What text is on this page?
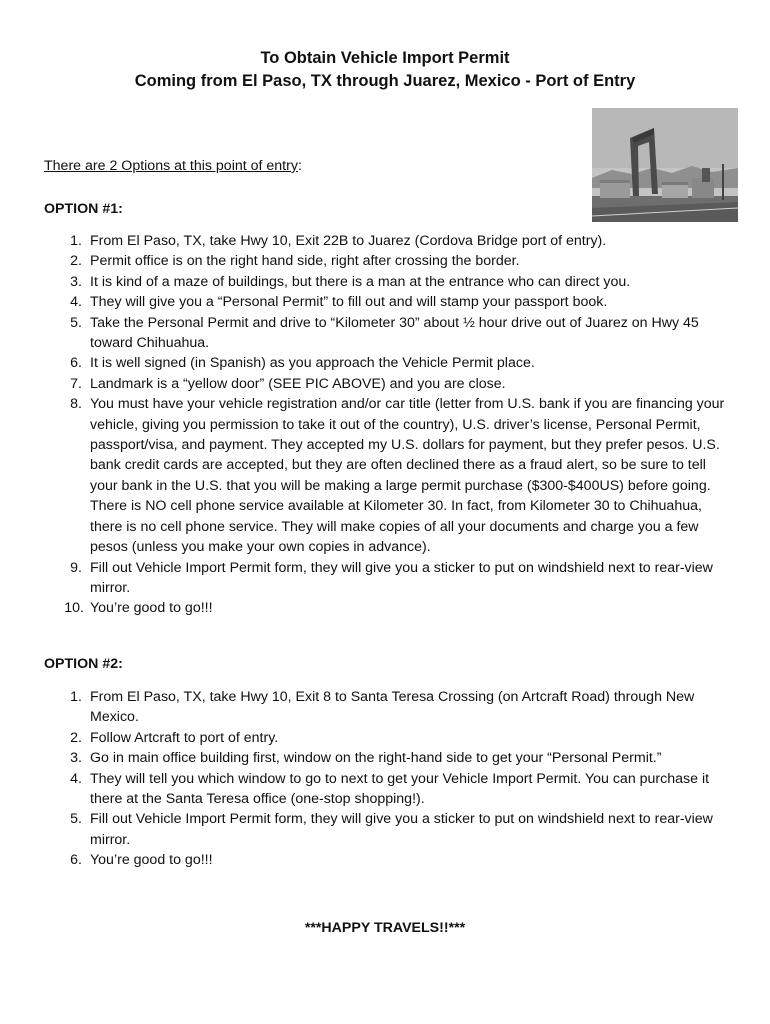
To Obtain Vehicle Import Permit
Coming from El Paso, TX through Juarez, Mexico - Port of Entry

There are 2 Options at this point of entry:

OPTION #1:

1. From El Paso, TX, take Hwy 10, Exit 22B to Juarez (Cordova Bridge port of entry).
2. Permit office is on the right hand side, right after crossing the border.
3. It is kind of a maze of buildings, but there is a man at the entrance who can direct you.
4. They will give you a “Personal Permit” to fill out and will stamp your passport book.
5. Take the Personal Permit and drive to “Kilometer 30” about ½ hour drive out of Juarez on Hwy 45 toward Chihuahua.
6. It is well signed (in Spanish) as you approach the Vehicle Permit place.
7. Landmark is a “yellow door” (SEE PIC ABOVE) and you are close.
8. You must have your vehicle registration and/or car title (letter from U.S. bank if you are financing your vehicle, giving you permission to take it out of the country), U.S. driver’s license, Personal Permit, passport/visa, and payment. They accepted my U.S. dollars for payment, but they prefer pesos. U.S. bank credit cards are accepted, but they are often declined there as a fraud alert, so be sure to tell your bank in the U.S. that you will be making a large permit purchase ($300-$400US) before going. There is NO cell phone service available at Kilometer 30. In fact, from Kilometer 30 to Chihuahua, there is no cell phone service. They will make copies of all your documents and charge you a few pesos (unless you make your own copies in advance).
9. Fill out Vehicle Import Permit form, they will give you a sticker to put on windshield next to rear-view mirror.
10. You’re good to go!!!

OPTION #2:

1. From El Paso, TX, take Hwy 10, Exit 8 to Santa Teresa Crossing (on Artcraft Road) through New Mexico.
2. Follow Artcraft to port of entry.
3. Go in main office building first, window on the right-hand side to get your “Personal Permit.”
4. They will tell you which window to go to next to get your Vehicle Import Permit. You can purchase it there at the Santa Teresa office (one-stop shopping!).
5. Fill out Vehicle Import Permit form, they will give you a sticker to put on windshield next to rear-view mirror.
6. You’re good to go!!!

***HAPPY TRAVELS!!***
